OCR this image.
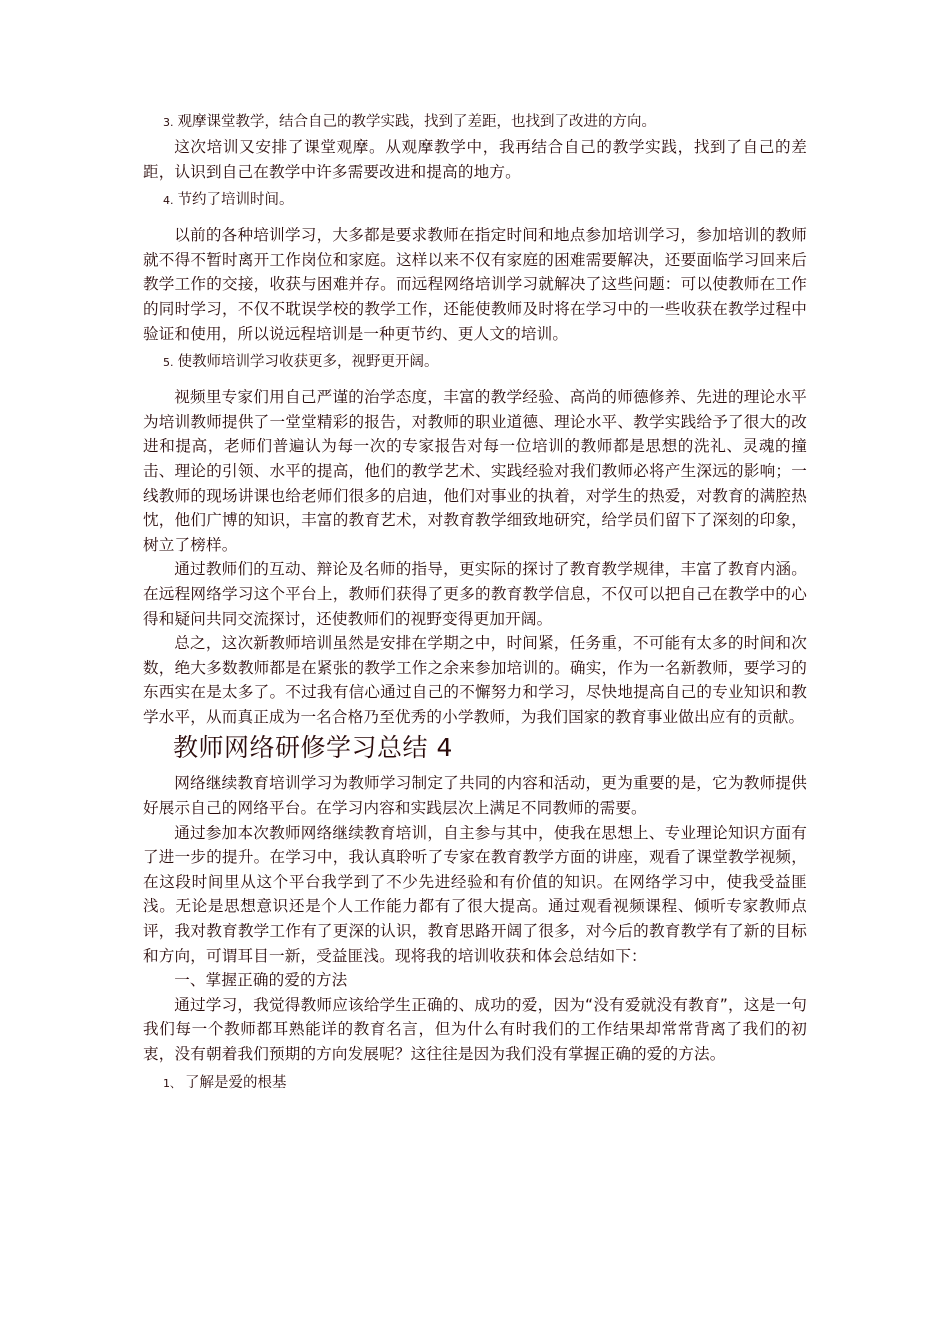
3. 观摩课堂教学，结合自己的教学实践，找到了差距，也找到了改进的方向。

这次培训又安排了课堂观摩。从观摩教学中，我再结合自己的教学实践，找到了自己的差距，认识到自己在教学中许多需要改进和提高的地方。

4. 节约了培训时间。

以前的各种培训学习，大多都是要求教师在指定时间和地点参加培训学习，参加培训的教师就不得不暂时离开工作岗位和家庭。这样以来不仅有家庭的困难需要解决，还要面临学习回来后教学工作的交接，收获与困难并存。而远程网络培训学习就解决了这些问题：可以使教师在工作的同时学习，不仅不耽误学校的教学工作，还能使教师及时将在学习中的一些收获在教学过程中验证和使用，所以说远程培训是一种更节约、更人文的培训。

5. 使教师培训学习收获更多，视野更开阔。

视频里专家们用自己严谨的治学态度，丰富的教学经验、高尚的师德修养、先进的理论水平为培训教师提供了一堂堂精彩的报告，对教师的职业道德、理论水平、教学实践给予了很大的改进和提高，老师们普遍认为每一次的专家报告对每一位培训的教师都是思想的洗礼、灵魂的撞击、理论的引领、水平的提高，他们的教学艺术、实践经验对我们教师必将产生深远的影响；一线教师的现场讲课也给老师们很多的启迪，他们对事业的执着，对学生的热爱，对教育的满腔热忱，他们广博的知识，丰富的教育艺术，对教育教学细致地研究，给学员们留下了深刻的印象，树立了榜样。

通过教师们的互动、辩论及名师的指导，更实际的探讨了教育教学规律，丰富了教育内涵。在远程网络学习这个平台上，教师们获得了更多的教育教学信息，不仅可以把自己在教学中的心得和疑问共同交流探讨，还使教师们的视野变得更加开阔。

总之，这次新教师培训虽然是安排在学期之中，时间紧，任务重，不可能有太多的时间和次数，绝大多数教师都是在紧张的教学工作之余来参加培训的。确实，作为一名新教师，要学习的东西实在是太多了。不过我有信心通过自己的不懈努力和学习，尽快地提高自己的专业知识和教学水平，从而真正成为一名合格乃至优秀的小学教师，为我们国家的教育事业做出应有的贡献。

教师网络研修学习总结 4

网络继续教育培训学习为教师学习制定了共同的内容和活动，更为重要的是，它为教师提供好展示自己的网络平台。在学习内容和实践层次上满足不同教师的需要。

通过参加本次教师网络继续教育培训，自主参与其中，使我在思想上、专业理论知识方面有了进一步的提升。在学习中，我认真聆听了专家在教育教学方面的讲座，观看了课堂教学视频，在这段时间里从这个平台我学到了不少先进经验和有价值的知识。在网络学习中，使我受益匪浅。无论是思想意识还是个人工作能力都有了很大提高。通过观看视频课程、倾听专家教师点评，我对教育教学工作有了更深的认识，教育思路开阔了很多，对今后的教育教学有了新的目标和方向，可谓耳目一新，受益匪浅。现将我的培训收获和体会总结如下：

一、掌握正确的爱的方法

通过学习，我觉得教师应该给学生正确的、成功的爱，因为“没有爱就没有教育”，这是一句我们每一个教师都耳熟能详的教育名言，但为什么有时我们的工作结果却常常背离了我们的初衷，没有朝着我们预期的方向发展呢？这往往是因为我们没有掌握正确的爱的方法。

1、 了解是爱的根基
